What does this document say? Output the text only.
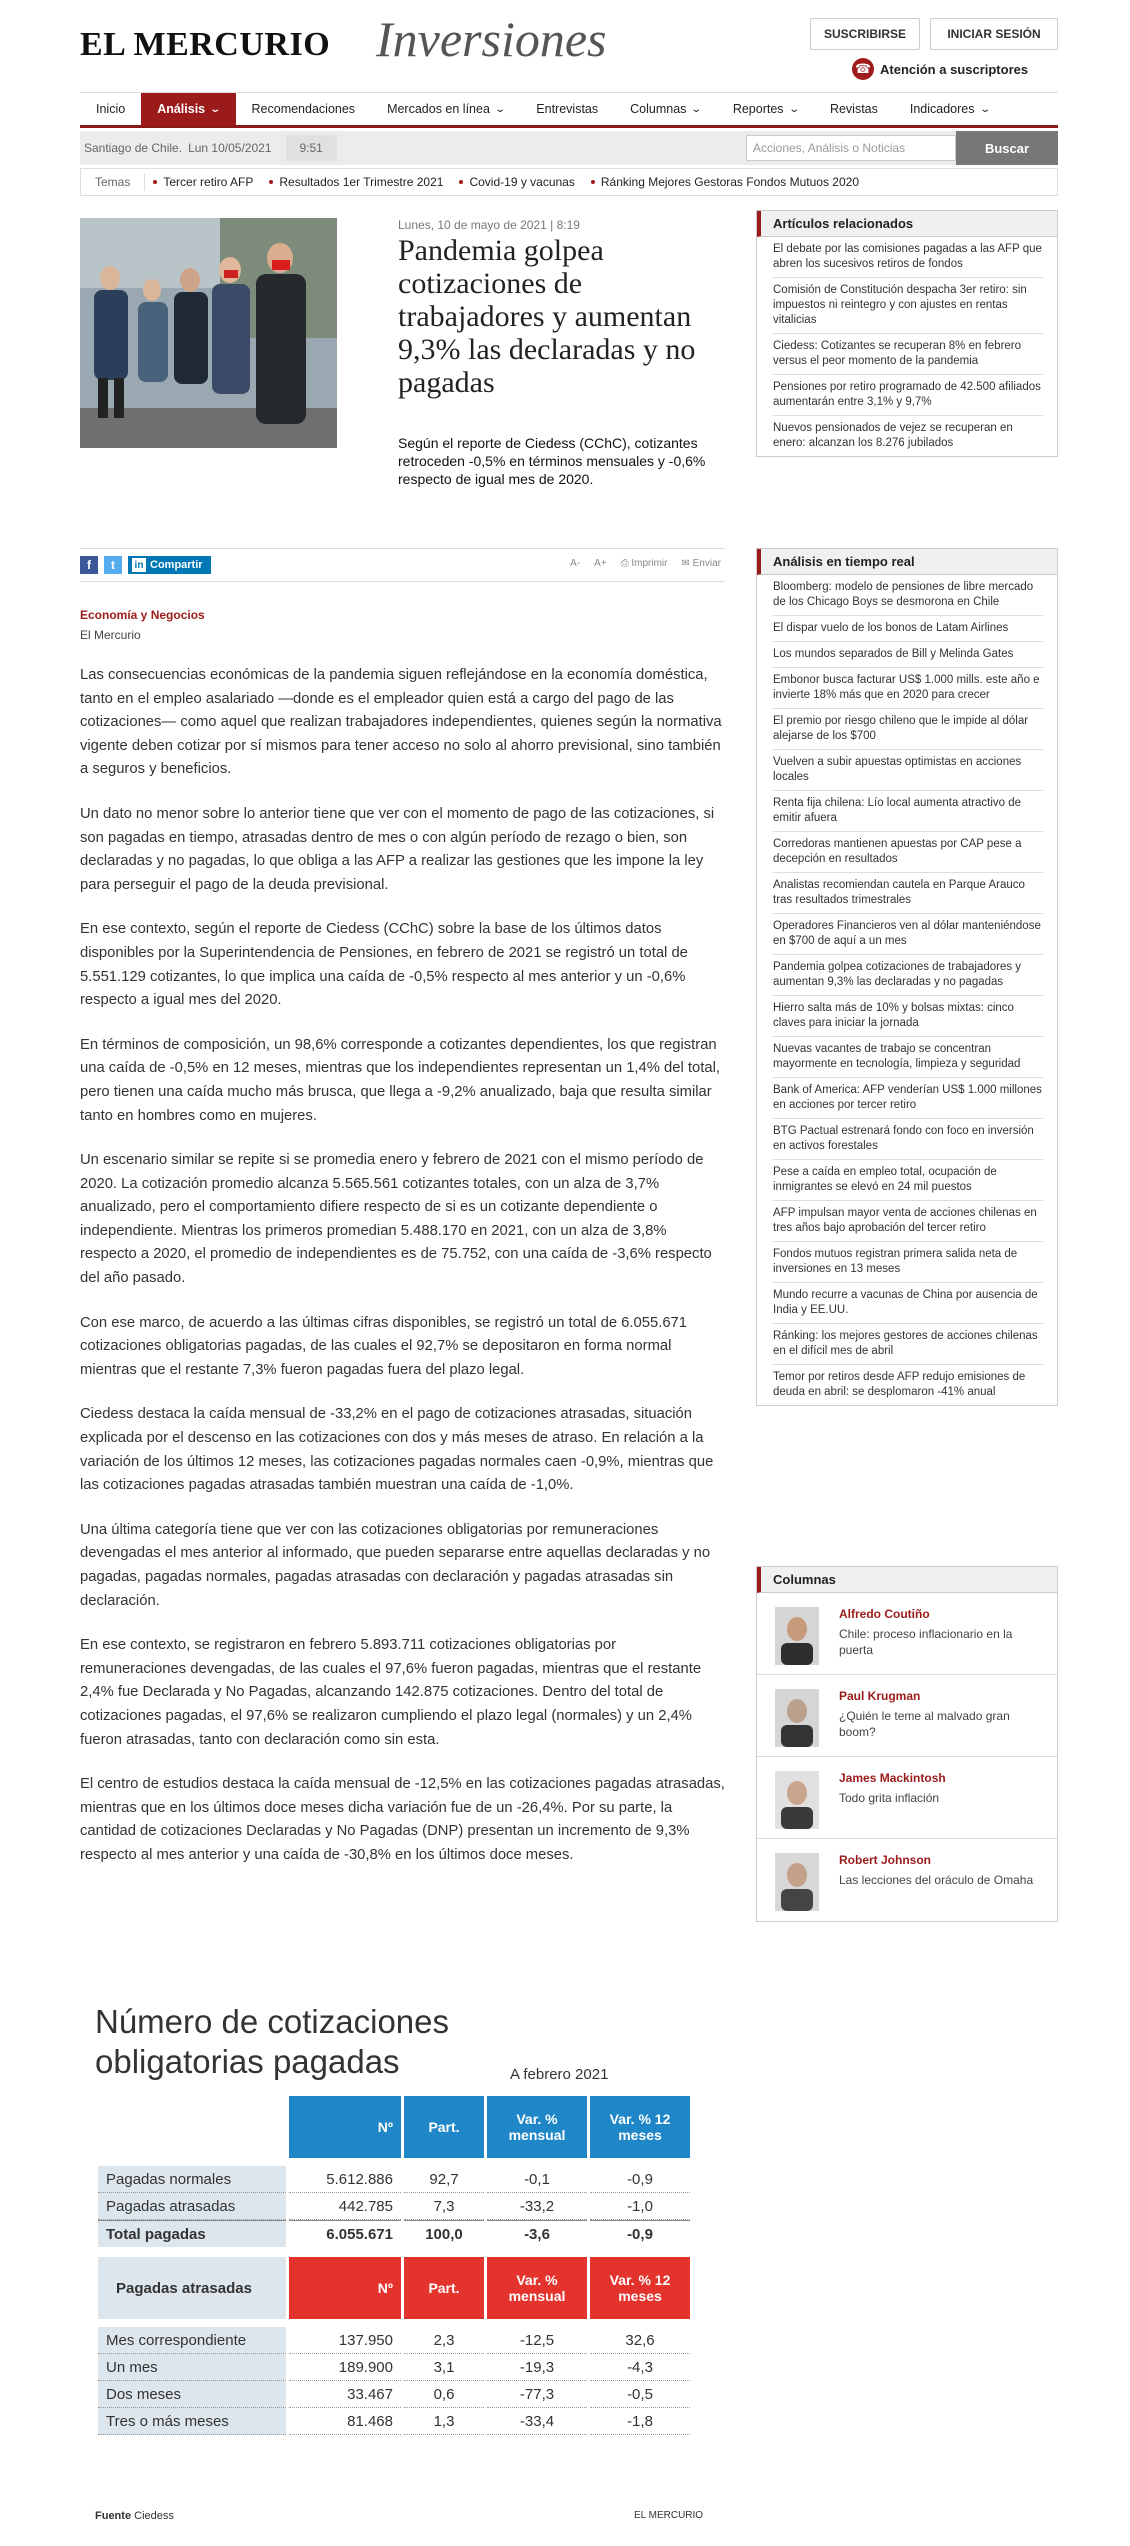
EL MERCURIO Inversiones	SUSCRIBIRSE	INICIAR SESIÓN
☎ Atención a suscriptores
Inicio	Análisis ⌄ Recomendaciones	Mercados en línea ⌄ Entrevistas	Columnas ⌄ Reportes ⌄ Revistas	Indicadores ⌄
Santiago de Chile. Lun 10/05/2021	9:51	Acciones, Análisis o Noticias	Buscar
Temas	Tercer retiro AFP	Resultados 1er Trimestre 2021	Covid-19 y vacunas	Ránking Mejores Gestoras Fondos Mutuos 2020
Lunes, 10 de mayo de 2021 | 8:19
Pandemia golpea cotizaciones de trabajadores y aumentan 9,3% las declaradas y no pagadas
Según el reporte de Ciedess (CChC), cotizantes retroceden -0,5% en términos mensuales y -0,6% respecto de igual mes de 2020.
f	t	in Compartir	A- A+ ⎙ Imprimir ✉ Enviar
Economía y Negocios
El Mercurio

Las consecuencias económicas de la pandemia siguen reflejándose en la economía doméstica, tanto en el empleo asalariado —donde es el empleador quien está a cargo del pago de las cotizaciones— como aquel que realizan trabajadores independientes, quienes según la normativa vigente deben cotizar por sí mismos para tener acceso no solo al ahorro previsional, sino también a seguros y beneficios.

Un dato no menor sobre lo anterior tiene que ver con el momento de pago de las cotizaciones, si son pagadas en tiempo, atrasadas dentro de mes o con algún período de rezago o bien, son declaradas y no pagadas, lo que obliga a las AFP a realizar las gestiones que les impone la ley para perseguir el pago de la deuda previsional.

En ese contexto, según el reporte de Ciedess (CChC) sobre la base de los últimos datos disponibles por la Superintendencia de Pensiones, en febrero de 2021 se registró un total de 5.551.129 cotizantes, lo que implica una caída de -0,5% respecto al mes anterior y un -0,6% respecto a igual mes del 2020.

En términos de composición, un 98,6% corresponde a cotizantes dependientes, los que registran una caída de -0,5% en 12 meses, mientras que los independientes representan un 1,4% del total, pero tienen una caída mucho más brusca, que llega a -9,2% anualizado, baja que resulta similar tanto en hombres como en mujeres.

Un escenario similar se repite si se promedia enero y febrero de 2021 con el mismo período de 2020. La cotización promedio alcanza 5.565.561 cotizantes totales, con un alza de 3,7% anualizado, pero el comportamiento difiere respecto de si es un cotizante dependiente o independiente. Mientras los primeros promedian 5.488.170 en 2021, con un alza de 3,8% respecto a 2020, el promedio de independientes es de 75.752, con una caída de -3,6% respecto del año pasado.

Con ese marco, de acuerdo a las últimas cifras disponibles, se registró un total de 6.055.671 cotizaciones obligatorias pagadas, de las cuales el 92,7% se depositaron en forma normal mientras que el restante 7,3% fueron pagadas fuera del plazo legal.

Ciedess destaca la caída mensual de -33,2% en el pago de cotizaciones atrasadas, situación explicada por el descenso en las cotizaciones con dos y más meses de atraso. En relación a la variación de los últimos 12 meses, las cotizaciones pagadas normales caen -0,9%, mientras que las cotizaciones pagadas atrasadas también muestran una caída de -1,0%.

Una última categoría tiene que ver con las cotizaciones obligatorias por remuneraciones devengadas el mes anterior al informado, que pueden separarse entre aquellas declaradas y no pagadas, pagadas normales, pagadas atrasadas con declaración y pagadas atrasadas sin declaración.

En ese contexto, se registraron en febrero 5.893.711 cotizaciones obligatorias por remuneraciones devengadas, de las cuales el 97,6% fueron pagadas, mientras que el restante 2,4% fue Declarada y No Pagadas, alcanzando 142.875 cotizaciones. Dentro del total de cotizaciones pagadas, el 97,6% se realizaron cumpliendo el plazo legal (normales) y un 2,4% fueron atrasadas, tanto con declaración como sin esta.

El centro de estudios destaca la caída mensual de -12,5% en las cotizaciones pagadas atrasadas, mientras que en los últimos doce meses dicha variación fue de un -26,4%. Por su parte, la cantidad de cotizaciones Declaradas y No Pagadas (DNP) presentan un incremento de 9,3% respecto al mes anterior y una caída de -30,8% en los últimos doce meses.

Número de cotizaciones
obligatorias pagadas	A febrero 2021
	Nº	Part.	Var. % mensual	Var. % 12 meses

Pagadas normales	5.612.886	92,7	-0,1	-0,9
Pagadas atrasadas	442.785	7,3	-33,2	-1,0
Total pagadas	6.055.671	100,0	-3,6	-0,9

Pagadas atrasadas	Nº	Part.	Var. % mensual	Var. % 12 meses

Mes correspondiente	137.950	2,3	-12,5	32,6
Un mes	189.900	3,1	-19,3	-4,3
Dos meses	33.467	0,6	-77,3	-0,5
Tres o más meses	81.468	1,3	-33,4	-1,8
Fuente Ciedess	EL MERCURIO
Artículos relacionados
El debate por las comisiones pagadas a las AFP que abren los sucesivos retiros de fondos
Comisión de Constitución despacha 3er retiro: sin impuestos ni reintegro y con ajustes en rentas vitalicias
Ciedess: Cotizantes se recuperan 8% en febrero versus el peor momento de la pandemia
Pensiones por retiro programado de 42.500 afiliados aumentarán entre 3,1% y 9,7%
Nuevos pensionados de vejez se recuperan en enero: alcanzan los 8.276 jubilados
Análisis en tiempo real
Bloomberg: modelo de pensiones de libre mercado de los Chicago Boys se desmorona en Chile
El dispar vuelo de los bonos de Latam Airlines
Los mundos separados de Bill y Melinda Gates
Embonor busca facturar US$ 1.000 mills. este año e invierte 18% más que en 2020 para crecer
El premio por riesgo chileno que le impide al dólar alejarse de los $700
Vuelven a subir apuestas optimistas en acciones locales
Renta fija chilena: Lío local aumenta atractivo de emitir afuera
Corredoras mantienen apuestas por CAP pese a decepción en resultados
Analistas recomiendan cautela en Parque Arauco tras resultados trimestrales
Operadores Financieros ven al dólar manteniéndose en $700 de aquí a un mes
Pandemia golpea cotizaciones de trabajadores y aumentan 9,3% las declaradas y no pagadas
Hierro salta más de 10% y bolsas mixtas: cinco claves para iniciar la jornada
Nuevas vacantes de trabajo se concentran mayormente en tecnología, limpieza y seguridad
Bank of America: AFP venderían US$ 1.000 millones en acciones por tercer retiro
BTG Pactual estrenará fondo con foco en inversión en activos forestales
Pese a caída en empleo total, ocupación de inmigrantes se elevó en 24 mil puestos
AFP impulsan mayor venta de acciones chilenas en tres años bajo aprobación del tercer retiro
Fondos mutuos registran primera salida neta de inversiones en 13 meses
Mundo recurre a vacunas de China por ausencia de India y EE.UU.
Ránking: los mejores gestores de acciones chilenas en el difícil mes de abril
Temor por retiros desde AFP redujo emisiones de deuda en abril: se desplomaron -41% anual
Columnas
Alfredo Coutiño
Chile: proceso inflacionario en la puerta
Paul Krugman
¿Quién le teme al malvado gran boom?
James Mackintosh
Todo grita inflación
Robert Johnson
Las lecciones del oráculo de Omaha
